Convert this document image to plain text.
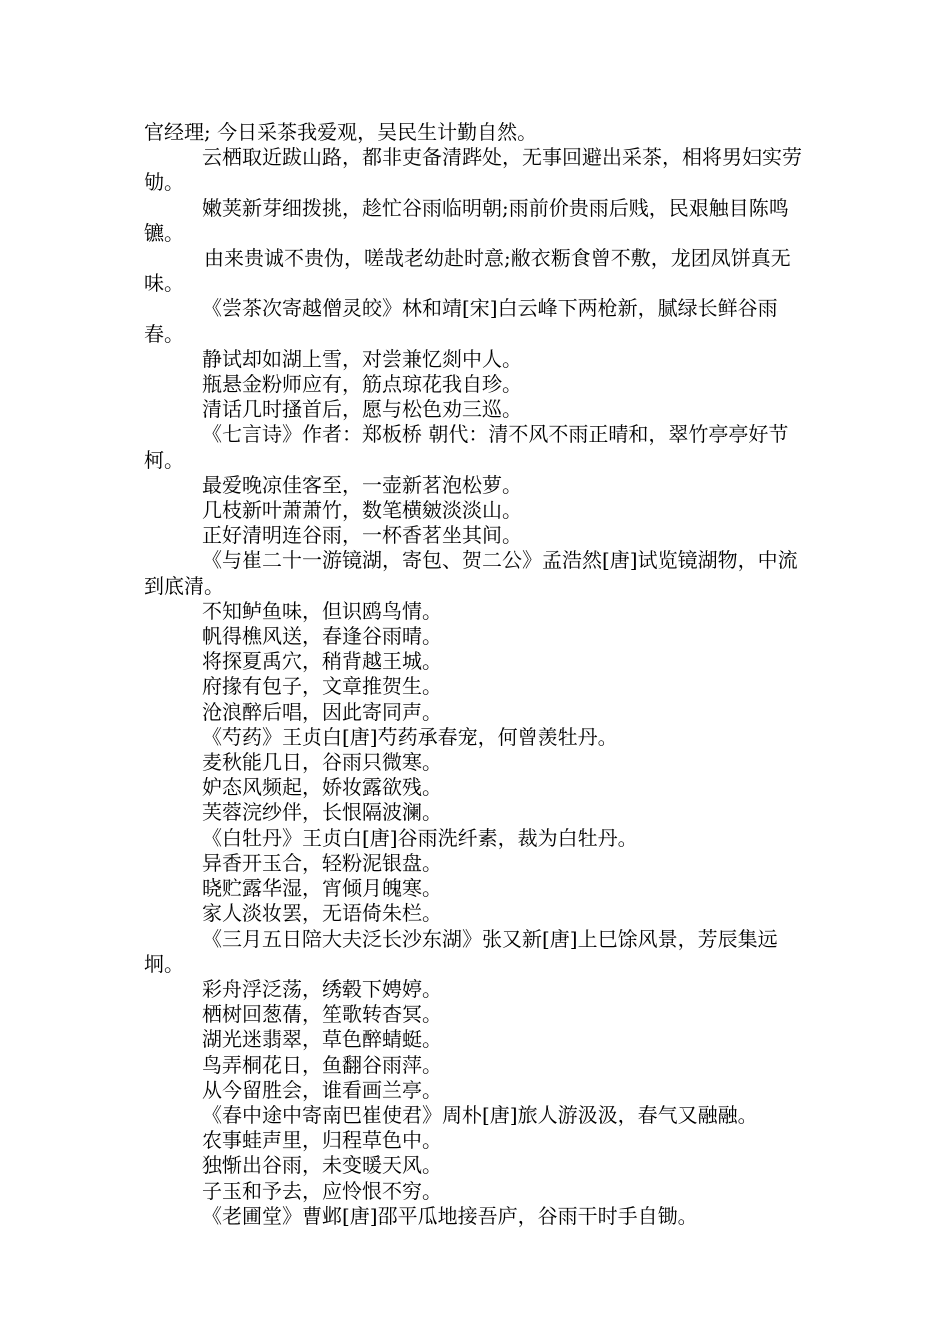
官经理; 今日采茶我爱观，吴民生计勤自然。

云栖取近跋山路，都非吏备清跸处，无事回避出采茶，相将男妇实劳劬。

嫩荚新芽细拨挑，趁忙谷雨临明朝;雨前价贵雨后贱，民艰触目陈鸣镳。

由来贵诚不贵伪，嗟哉老幼赴时意;敝衣粝食曾不敷，龙团凤饼真无味。

《尝茶次寄越僧灵皎》林和靖[宋]白云峰下两枪新，腻绿长鲜谷雨春。

静试却如湖上雪，对尝兼忆剡中人。

瓶悬金粉师应有，筋点琼花我自珍。

清话几时搔首后，愿与松色劝三巡。

《七言诗》作者：郑板桥 朝代：清不风不雨正晴和，翠竹亭亭好节柯。

最爱晚凉佳客至，一壶新茗泡松萝。

几枝新叶萧萧竹，数笔横皴淡淡山。

正好清明连谷雨，一杯香茗坐其间。

《与崔二十一游镜湖，寄包、贺二公》孟浩然[唐]试览镜湖物，中流到底清。

不知鲈鱼味，但识鸥鸟情。

帆得樵风送，春逢谷雨晴。

将探夏禹穴，稍背越王城。

府掾有包子，文章推贺生。

沧浪醉后唱，因此寄同声。

《芍药》王贞白[唐]芍药承春宠，何曾羡牡丹。

麦秋能几日，谷雨只微寒。

妒态风频起，娇妆露欲残。

芙蓉浣纱伴，长恨隔波澜。

《白牡丹》王贞白[唐]谷雨洗纤素，裁为白牡丹。

异香开玉合，轻粉泥银盘。

晓贮露华湿，宵倾月魄寒。

家人淡妆罢，无语倚朱栏。

《三月五日陪大夫泛长沙东湖》张又新[唐]上巳馀风景，芳辰集远坰。

彩舟浮泛荡，绣毂下娉婷。

栖树回葱蒨，笙歌转杳冥。

湖光迷翡翠，草色醉蜻蜓。

鸟弄桐花日，鱼翻谷雨萍。

从今留胜会，谁看画兰亭。

《春中途中寄南巴崔使君》周朴[唐]旅人游汲汲，春气又融融。

农事蛙声里，归程草色中。

独惭出谷雨，未变暖天风。

子玉和予去，应怜恨不穷。

《老圃堂》曹邺[唐]邵平瓜地接吾庐，谷雨干时手自锄。
